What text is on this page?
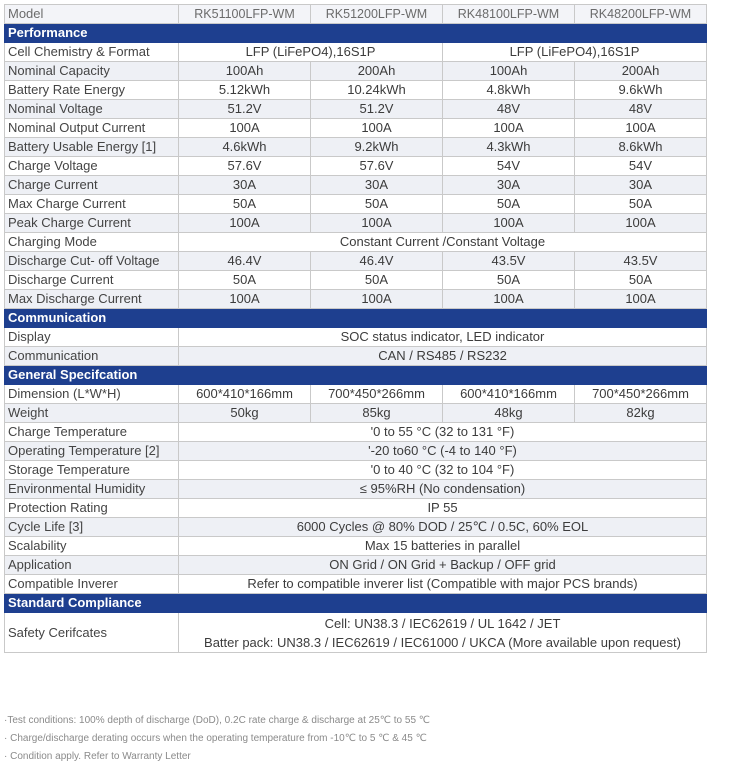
Model	RK51100LFP-WM	RK51200LFP-WM	RK48100LFP-WM	RK48200LFP-WM
Performance				
Cell Chemistry & Format	LFP (LiFePO4),16S1P		LFP (LiFePO4),16S1P	
Nominal Capacity	100Ah	200Ah	100Ah	200Ah
Battery Rate Energy	5.12kWh	10.24kWh	4.8kWh	9.6kWh
Nominal Voltage	51.2V	51.2V	48V	48V
Nominal Output Current	100A	100A	100A	100A
Battery Usable Energy [1]	4.6kWh	9.2kWh	4.3kWh	8.6kWh
Charge Voltage	57.6V	57.6V	54V	54V
Charge Current	30A	30A	30A	30A
Max Charge Current	50A	50A	50A	50A
Peak Charge Current	100A	100A	100A	100A
Charging Mode	Constant Current /Constant Voltage			
Discharge Cut- off Voltage	46.4V	46.4V	43.5V	43.5V
Discharge Current	50A	50A	50A	50A
Max Discharge Current	100A	100A	100A	100A
Communication				
Display	SOC status indicator, LED indicator			
Communication	CAN / RS485 / RS232			
General Specifcation				
Dimension (L*W*H)	600*410*166mm	700*450*266mm	600*410*166mm	700*450*266mm
Weight	50kg	85kg	48kg	82kg
Charge Temperature	'0 to 55 °C (32 to 131 °F)			
Operating Temperature [2]	'-20 to60 °C (-4 to 140 °F)			
Storage Temperature	'0 to 40 °C (32 to 104 °F)			
Environmental Humidity	≤ 95%RH (No condensation)			
Protection Rating	IP 55			
Cycle Life [3]	6000 Cycles @ 80% DOD / 25℃ / 0.5C, 60% EOL			
Scalability	Max 15 batteries in parallel			
Application	ON Grid / ON Grid + Backup / OFF grid			
Compatible Inverer	Refer to compatible inverer list (Compatible with major PCS brands)			
Standard Compliance				
Safety Cerifcates	Cell: UN38.3 / IEC62619 / UL 1642 / JET
Batter pack: UN38.3 / IEC62619 / IEC61000 / UKCA (More available upon request)			
·Test conditions: 100% depth of discharge (DoD), 0.2C rate charge & discharge at 25℃ to 55 ℃
· Charge/discharge derating occurs when the operating temperature from -10℃ to 5 ℃ & 45 ℃
· Condition apply. Refer to Warranty Letter
